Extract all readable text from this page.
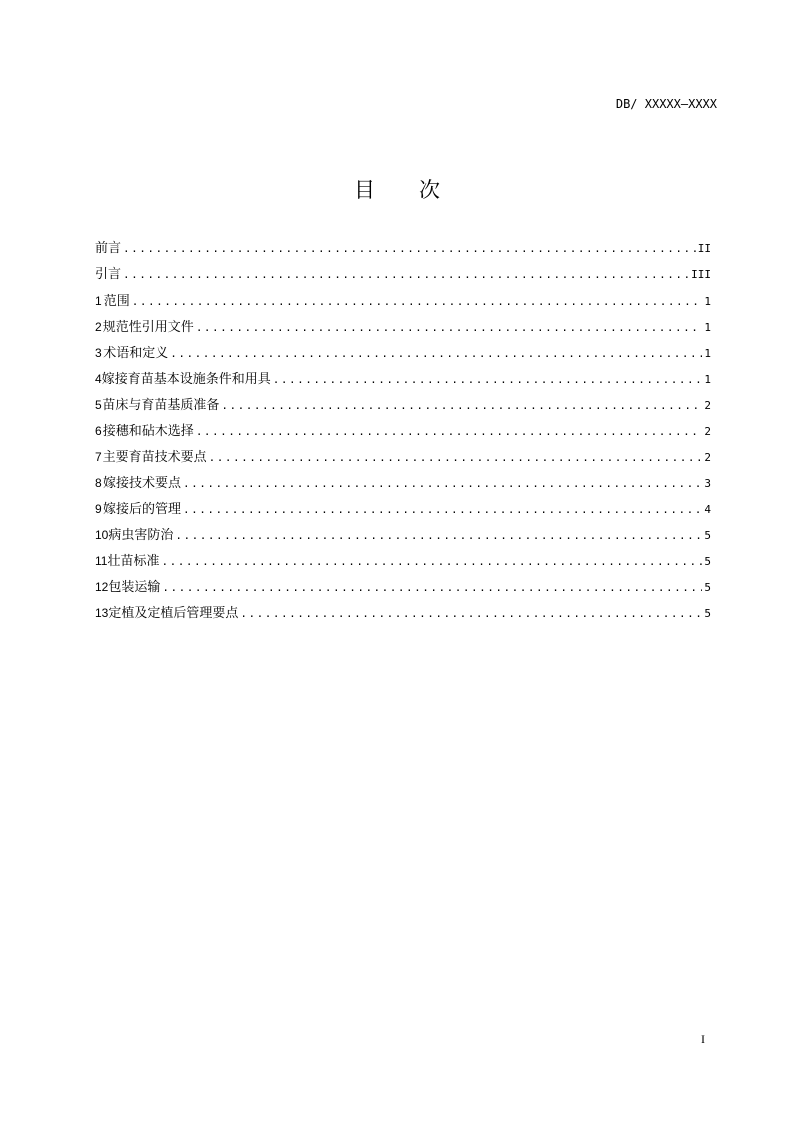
DB/ XXXXX—XXXX
目 次
前言 .....	II
引言 .....	III
1 范围 .....	1
2 规范性引用文件 .....	1
3 术语和定义 .....	1
4 嫁接育苗基本设施条件和用具 .....	1
5 苗床与育苗基质准备 .....	2
6 接穗和砧木选择 .....	2
7 主要育苗技术要点 .....	2
8 嫁接技术要点 .....	3
9 嫁接后的管理 .....	4
10 病虫害防治 .....	5
11 壮苗标准 .....	5
12 包装运输 .....	5
13 定植及定植后管理要点 .....	5
I
